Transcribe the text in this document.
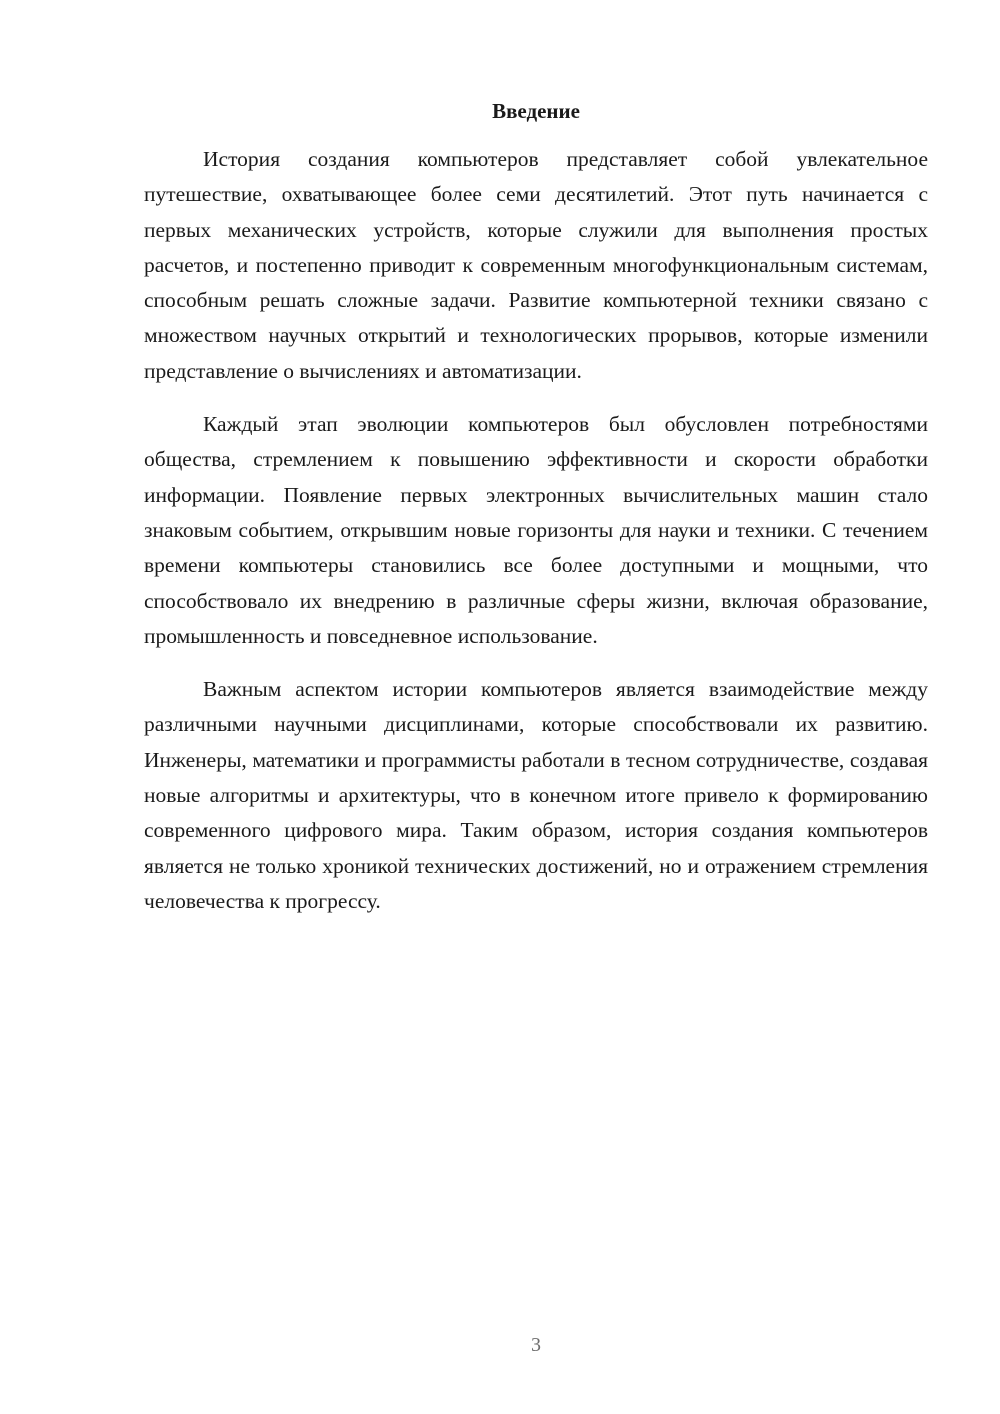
Введение

История создания компьютеров представляет собой увлекательное путешествие, охватывающее более семи десятилетий. Этот путь начинается с первых механических устройств, которые служили для выполнения простых расчетов, и постепенно приводит к современным многофункциональным системам, способным решать сложные задачи. Развитие компьютерной техники связано с множеством научных открытий и технологических прорывов, которые изменили представление о вычислениях и автоматизации.

Каждый этап эволюции компьютеров был обусловлен потребностями общества, стремлением к повышению эффективности и скорости обработки информации. Появление первых электронных вычислительных машин стало знаковым событием, открывшим новые горизонты для науки и техники. С течением времени компьютеры становились все более доступными и мощными, что способствовало их внедрению в различные сферы жизни, включая образование, промышленность и повседневное использование.

Важным аспектом истории компьютеров является взаимодействие между различными научными дисциплинами, которые способствовали их развитию. Инженеры, математики и программисты работали в тесном сотрудничестве, создавая новые алгоритмы и архитектуры, что в конечном итоге привело к формированию современного цифрового мира. Таким образом, история создания компьютеров является не только хроникой технических достижений, но и отражением стремления человечества к прогрессу.

3
